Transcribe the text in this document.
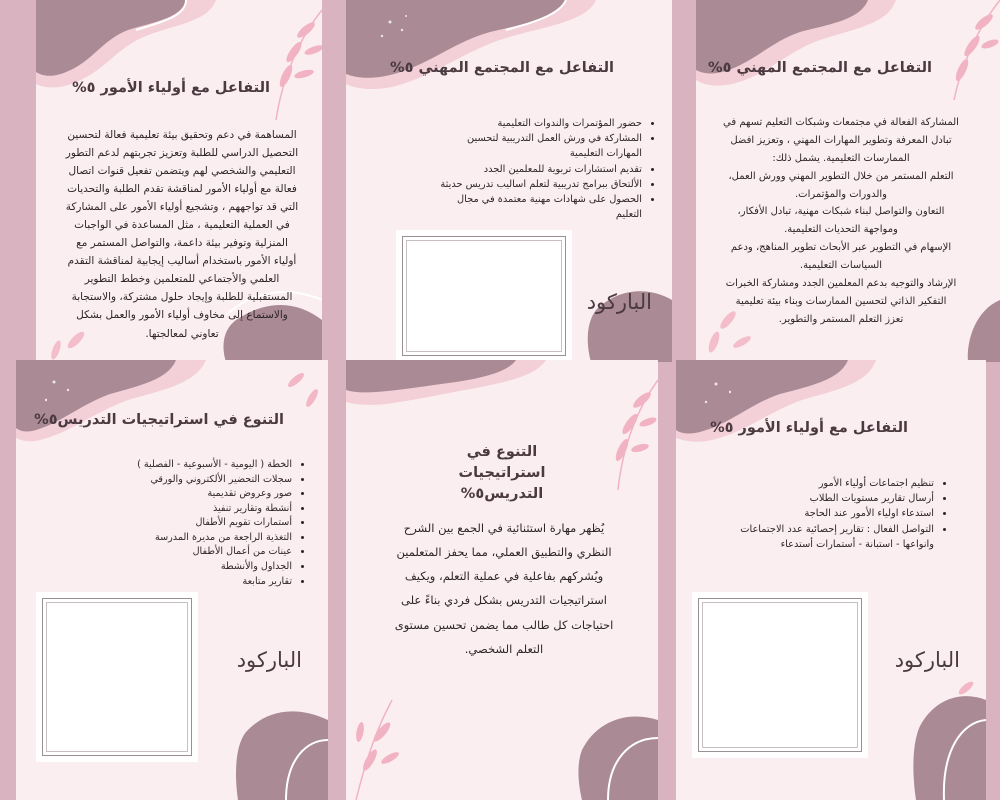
التفاعل مع أولياء الأمور ٥%
المساهمة في دعم وتحقيق بيئة تعليمية فعالة لتحسين التحصيل الدراسي للطلبة وتعزيز تجربتهم لدعم التطور التعليمي والشخصي لهم ويتضمن تفعيل قنوات اتصال فعالة مع أولياء الأمور لمناقشة تقدم الطلبة والتحديات التي قد تواجههم ، وتشجيع أولياء الأمور على المشاركة في العملية التعليمية ، مثل المساعدة في الواجبات المنزلية وتوفير بيئة داعمة، والتواصل المستمر مع أولياء الأمور باستخدام أساليب إيجابية لمناقشة التقدم العلمي والأجتماعي للمتعلمين وخطط التطوير المستقبلية للطلبة وإيجاد حلول مشتركة، والاستجابة والاستماع إلى مخاوف أولياء الأمور والعمل بشكل تعاوني لمعالجتها.
التفاعل مع المجتمع المهني ٥%
• حضور المؤتمرات والندوات التعليمية
• المشاركة في ورش العمل التدريبية لتحسين المهارات التعليمية
• تقديم استشارات تربوية للمعلمين الجدد
• الألتحاق ببرامج تدريبية لتعلم اساليب تدريس حديثة
• الحصول على شهادات مهنية معتمدة في مجال التعليم
الباركود
التفاعل مع المجتمع المهني ٥%

المشاركة الفعالة في مجتمعات وشبكات التعليم تسهم في

تبادل المعرفة وتطوير المهارات المهني ، وتعزيز افضل

الممارسات التعليمية. يشمل ذلك:

التعلم المستمر من خلال التطوير المهني وورش العمل،

والدورات والمؤتمرات.

التعاون والتواصل لبناء شبكات مهنية، تبادل الأفكار،

ومواجهة التحديات التعليمية.

الإسهام في التطوير عبر الأبحاث تطوير المناهج، ودعم

السياسات التعليمية.

الإرشاد والتوجيه بدعم المعلمين الجدد ومشاركة الخبرات

التفكير الذاتي لتحسين الممارسات وبناء بيئة تعليمية

تعزز التعلم المستمر والتطوير.

التنوع في استراتيجيات التدريس٥%
• الخطة ( اليومية - الأسبوعية - الفصلية )
• سجلات التحضير الألكتروني والورقي
• صور وعروض تقديمية
• أنشطة وتقارير تنفيذ
• أستمارات تقويم الأطفال
• التغذية الراجعة من مديرة المدرسة
• عينات من أعمال الأطفال
• الجداول والأنشطة
• تقارير متابعة
الباركود
التنوع في استراتيجيات التدريس٥%
يُظهر مهارة استثنائية في الجمع بين الشرح النظري والتطبيق العملي، مما يحفز المتعلمين ويُشركهم بفاعلية في عملية التعلم، ويكيف استراتيجيات التدريس بشكل فردي بناءً على احتياجات كل طالب مما يضمن تحسين مستوى التعلم الشخصي.
التفاعل مع أولياء الأمور ٥%
• تنظيم اجتماعات أولياء الأمور
• أرسال تقارير مستويات الطلاب
• استدعاء اولياء الأمور عند الحاجة
• التواصل الفعال : تقارير إحصائية عدد الاجتماعات وانواعها - استبانة - أستمارات أستدعاء
الباركود
